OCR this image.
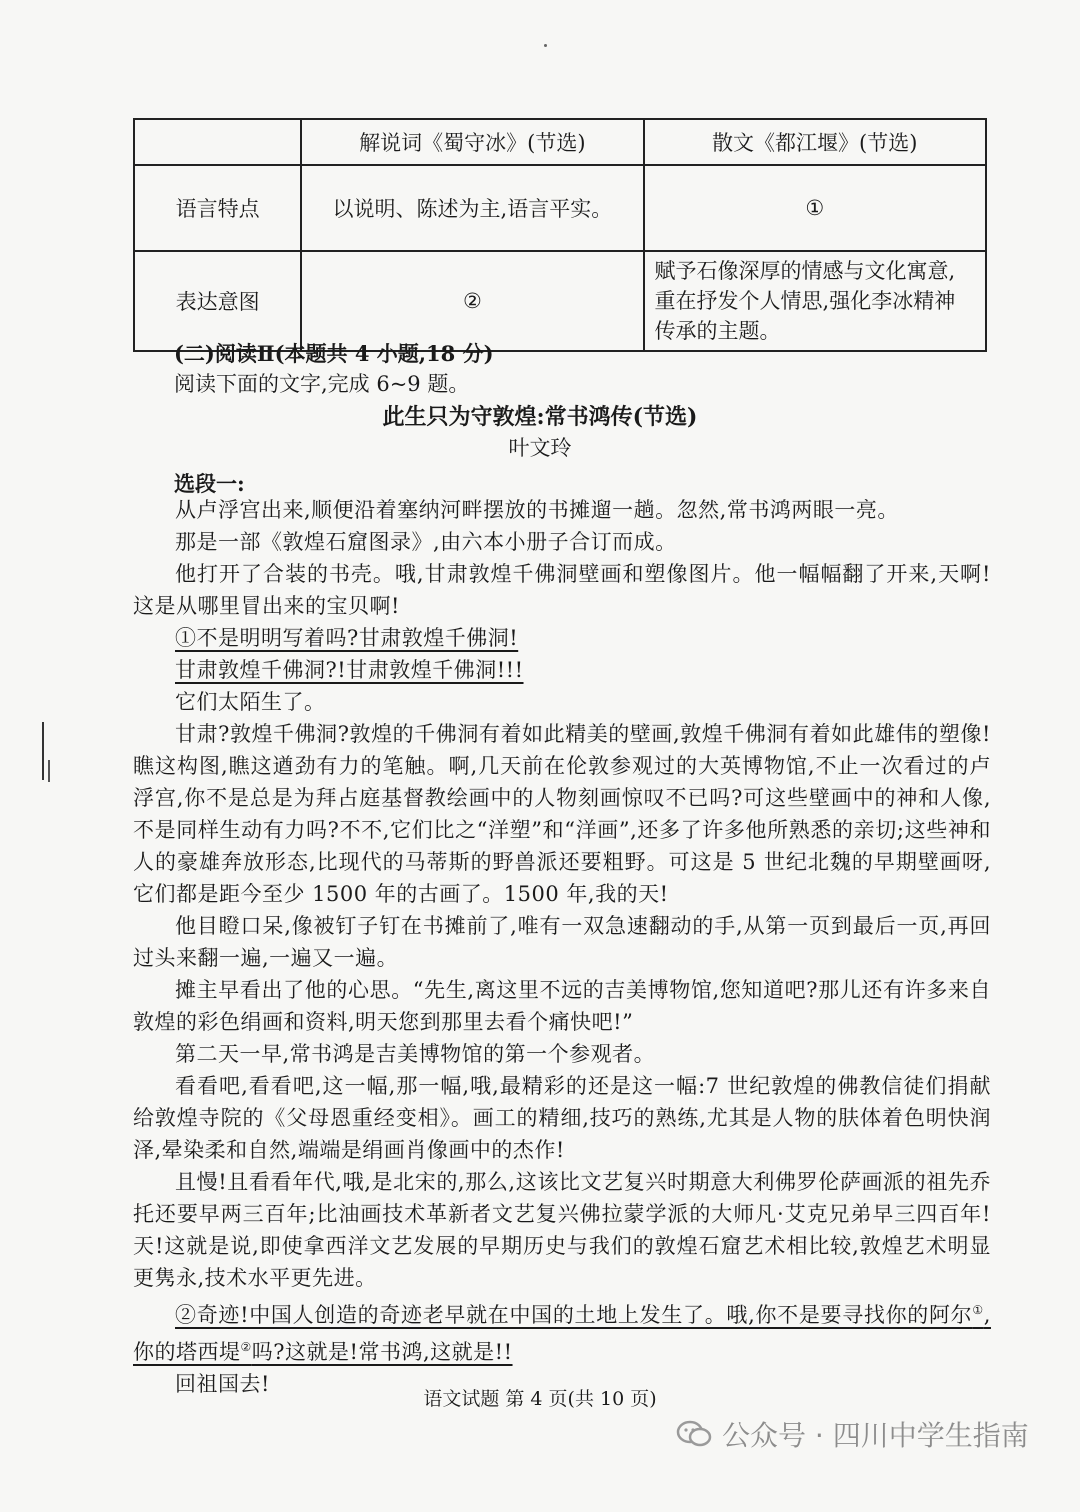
	解说词《蜀守冰》(节选)	散文《都江堰》(节选)
语言特点	以说明、陈述为主,语言平实。	①
表达意图	②	赋予石像深厚的情感与文化寓意,重在抒发个人情思,强化李冰精神传承的主题。
(二)阅读Ⅱ(本题共 4 小题,18 分)
阅读下面的文字,完成 6~9 题。
此生只为守敦煌:常书鸿传(节选)
叶文玲
选段一:

从卢浮宫出来,顺便沿着塞纳河畔摆放的书摊遛一趟。忽然,常书鸿两眼一亮。

那是一部《敦煌石窟图录》,由六本小册子合订而成。

他打开了合装的书壳。哦,甘肃敦煌千佛洞壁画和塑像图片。他一幅幅翻了开来,天啊!这是从哪里冒出来的宝贝啊!

①不是明明写着吗?甘肃敦煌千佛洞!

甘肃敦煌千佛洞?!甘肃敦煌千佛洞!!!

它们太陌生了。

甘肃?敦煌千佛洞?敦煌的千佛洞有着如此精美的壁画,敦煌千佛洞有着如此雄伟的塑像!瞧这构图,瞧这遒劲有力的笔触。啊,几天前在伦敦参观过的大英博物馆,不止一次看过的卢浮宫,你不是总是为拜占庭基督教绘画中的人物刻画惊叹不已吗?可这些壁画中的神和人像,不是同样生动有力吗?不不,它们比之“洋塑”和“洋画”,还多了许多他所熟悉的亲切;这些神和人的豪雄奔放形态,比现代的马蒂斯的野兽派还要粗野。可这是 5 世纪北魏的早期壁画呀,它们都是距今至少 1500 年的古画了。1500 年,我的天!

他目瞪口呆,像被钉子钉在书摊前了,唯有一双急速翻动的手,从第一页到最后一页,再回过头来翻一遍,一遍又一遍。

摊主早看出了他的心思。“先生,离这里不远的吉美博物馆,您知道吧?那儿还有许多来自敦煌的彩色绢画和资料,明天您到那里去看个痛快吧!”

第二天一早,常书鸿是吉美博物馆的第一个参观者。

看看吧,看看吧,这一幅,那一幅,哦,最精彩的还是这一幅:7 世纪敦煌的佛教信徒们捐献给敦煌寺院的《父母恩重经变相》。画工的精细,技巧的熟练,尤其是人物的肤体着色明快润泽,晕染柔和自然,端端是绢画肖像画中的杰作!

且慢!且看看年代,哦,是北宋的,那么,这该比文艺复兴时期意大利佛罗伦萨画派的祖先乔托还要早两三百年;比油画技术革新者文艺复兴佛拉蒙学派的大师凡·艾克兄弟早三四百年!天!这就是说,即使拿西洋文艺发展的早期历史与我们的敦煌石窟艺术相比较,敦煌艺术明显更隽永,技术水平更先进。

②奇迹!中国人创造的奇迹老早就在中国的土地上发生了。哦,你不是要寻找你的阿尔①,你的塔西堤②吗?这就是!常书鸿,这就是!!

回祖国去!

语文试题 第 4 页(共 10 页)
公众号 · 四川中学生指南
